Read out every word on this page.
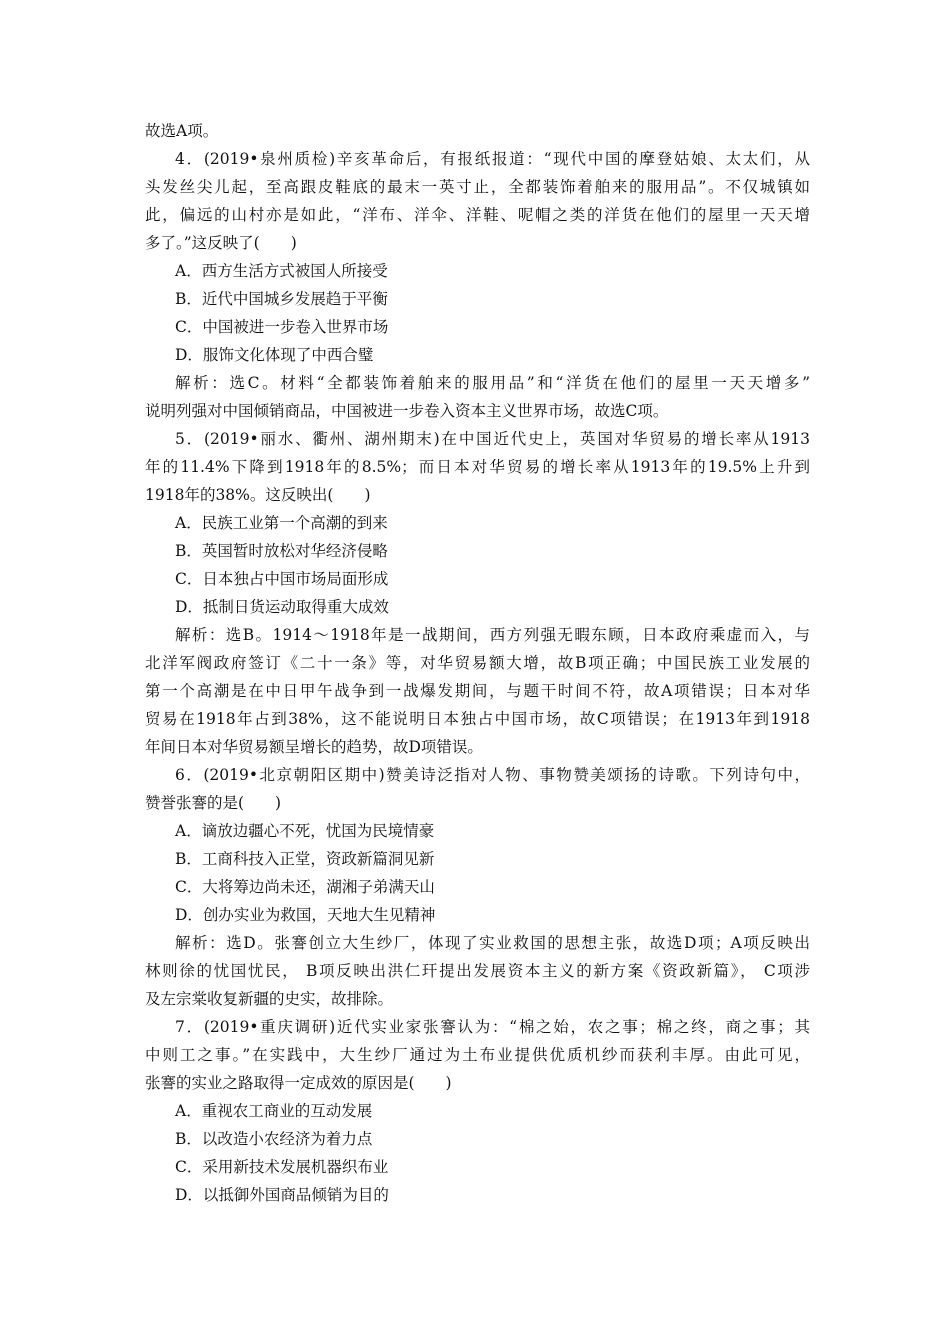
故选A项。
4．(2019•泉州质检)辛亥革命后，有报纸报道：“现代中国的摩登姑娘、太太们，从
头发丝尖儿起，至高跟皮鞋底的最末一英寸止，全都装饰着舶来的服用品”。不仅城镇如
此，偏远的山村亦是如此，“洋布、洋伞、洋鞋、呢帽之类的洋货在他们的屋里一天天增
多了。”这反映了(　　)
A．西方生活方式被国人所接受
B．近代中国城乡发展趋于平衡
C．中国被进一步卷入世界市场
D．服饰文化体现了中西合璧
解析：选C。材料“全都装饰着舶来的服用品”和“洋货在他们的屋里一天天增多”
说明列强对中国倾销商品，中国被进一步卷入资本主义世界市场，故选C项。
5．(2019•丽水、衢州、湖州期末)在中国近代史上，英国对华贸易的增长率从1913
年的11.4%下降到1918年的8.5%；而日本对华贸易的增长率从1913年的19.5%上升到
1918年的38%。这反映出(　　)
A．民族工业第一个高潮的到来
B．英国暂时放松对华经济侵略
C．日本独占中国市场局面形成
D．抵制日货运动取得重大成效
解析：选B。1914～1918年是一战期间，西方列强无暇东顾，日本政府乘虚而入，与
北洋军阀政府签订《二十一条》等，对华贸易额大增，故B项正确；中国民族工业发展的
第一个高潮是在中日甲午战争到一战爆发期间，与题干时间不符，故A项错误；日本对华
贸易在1918年占到38%，这不能说明日本独占中国市场，故C项错误；在1913年到1918
年间日本对华贸易额呈增长的趋势，故D项错误。
6．(2019•北京朝阳区期中)赞美诗泛指对人物、事物赞美颂扬的诗歌。下列诗句中，
赞誉张謇的是(　　)
A．谪放边疆心不死，忧国为民境情豪
B．工商科技入正堂，资政新篇洞见新
C．大将筹边尚未还，湖湘子弟满天山
D．创办实业为救国，天地大生见精神
解析：选D。张謇创立大生纱厂，体现了实业救国的思想主张，故选D项；A项反映出
林则徐的忧国忧民， B项反映出洪仁玕提出发展资本主义的新方案《资政新篇》， C项涉
及左宗棠收复新疆的史实，故排除。
7．(2019•重庆调研)近代实业家张謇认为：“棉之始，农之事；棉之终，商之事；其
中则工之事。”在实践中，大生纱厂通过为土布业提供优质机纱而获利丰厚。由此可见，
张謇的实业之路取得一定成效的原因是(　　)
A．重视农工商业的互动发展
B．以改造小农经济为着力点
C．采用新技术发展机器织布业
D．以抵御外国商品倾销为目的
